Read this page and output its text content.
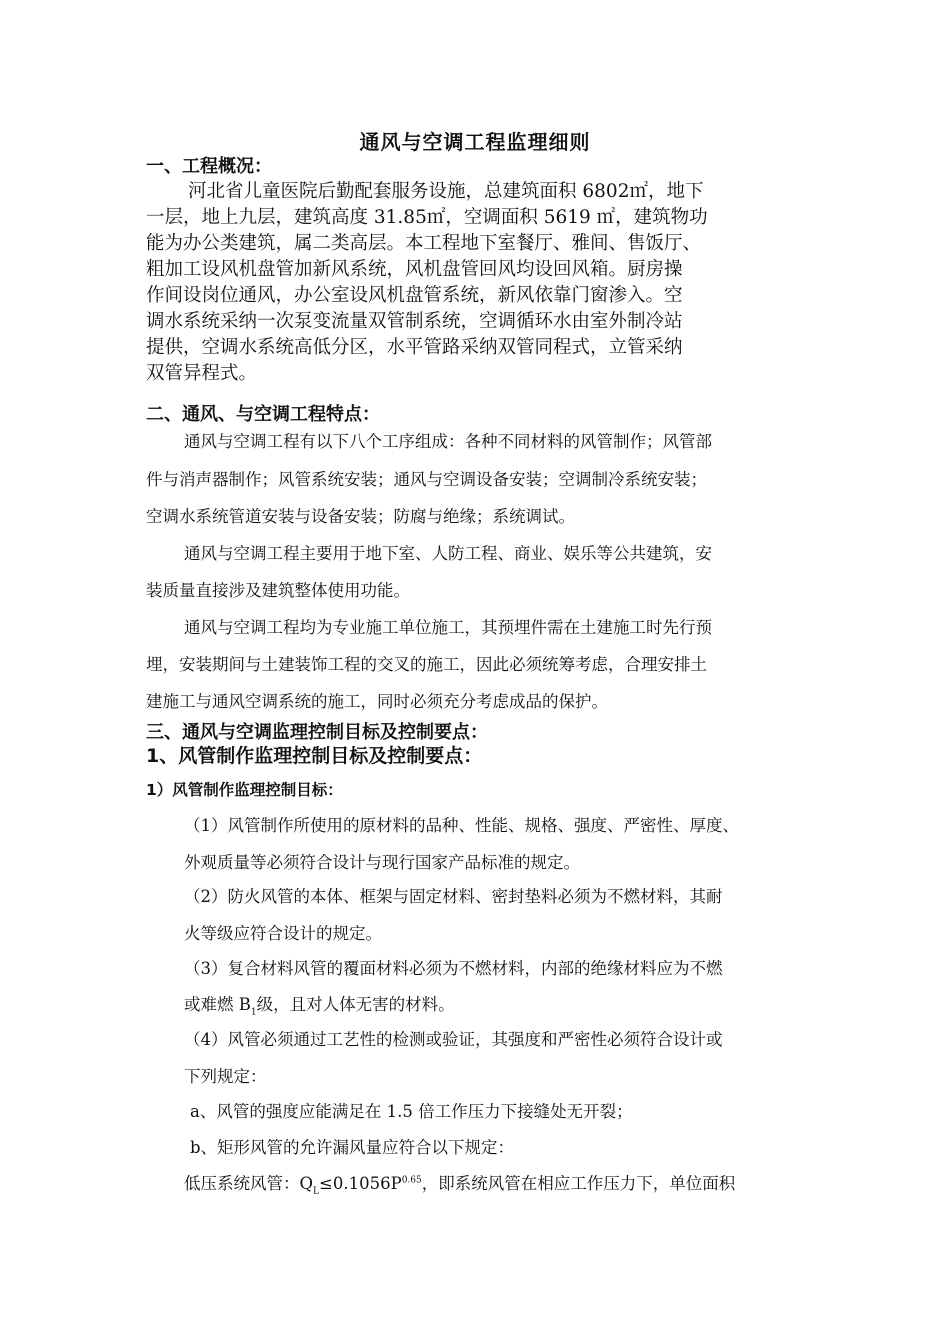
通风与空调工程监理细则
一、工程概况：
河北省儿童医院后勤配套服务设施，总建筑面积 6802㎡，地下
一层，地上九层，建筑高度 31.85㎡，空调面积 5619 ㎡，建筑物功
能为办公类建筑，属二类高层。本工程地下室餐厅、雅间、售饭厅、
粗加工设风机盘管加新风系统，风机盘管回风均设回风箱。厨房操
作间设岗位通风，办公室设风机盘管系统，新风依靠门窗渗入。空
调水系统采纳一次泵变流量双管制系统，空调循环水由室外制冷站
提供，空调水系统高低分区，水平管路采纳双管同程式，立管采纳
双管异程式。
二、通风、与空调工程特点：
通风与空调工程有以下八个工序组成：各种不同材料的风管制作；风管部
件与消声器制作；风管系统安装；通风与空调设备安装；空调制冷系统安装；
空调水系统管道安装与设备安装；防腐与绝缘；系统调试。
通风与空调工程主要用于地下室、人防工程、商业、娱乐等公共建筑，安
装质量直接涉及建筑整体使用功能。
通风与空调工程均为专业施工单位施工，其预埋件需在土建施工时先行预
埋，安装期间与土建装饰工程的交叉的施工，因此必须统筹考虑，合理安排土
建施工与通风空调系统的施工，同时必须充分考虑成品的保护。
三、通风与空调监理控制目标及控制要点：
1、风管制作监理控制目标及控制要点：
1）风管制作监理控制目标：
（1）风管制作所使用的原材料的品种、性能、规格、强度、严密性、厚度、
外观质量等必须符合设计与现行国家产品标准的规定。
（2）防火风管的本体、框架与固定材料、密封垫料必须为不燃材料，其耐
火等级应符合设计的规定。
（3）复合材料风管的覆面材料必须为不燃材料，内部的绝缘材料应为不燃
或难燃 $B_1$级，且对人体无害的材料。
（4）风管必须通过工艺性的检测或验证，其强度和严密性必须符合设计或
下列规定：
a、风管的强度应能满足在 1.5 倍工作压力下接缝处无开裂；
b、矩形风管的允许漏风量应符合以下规定：
低压系统风管：$Q_L\le 0.1056P^{0.65}$，即系统风管在相应工作压力下，单位面积
